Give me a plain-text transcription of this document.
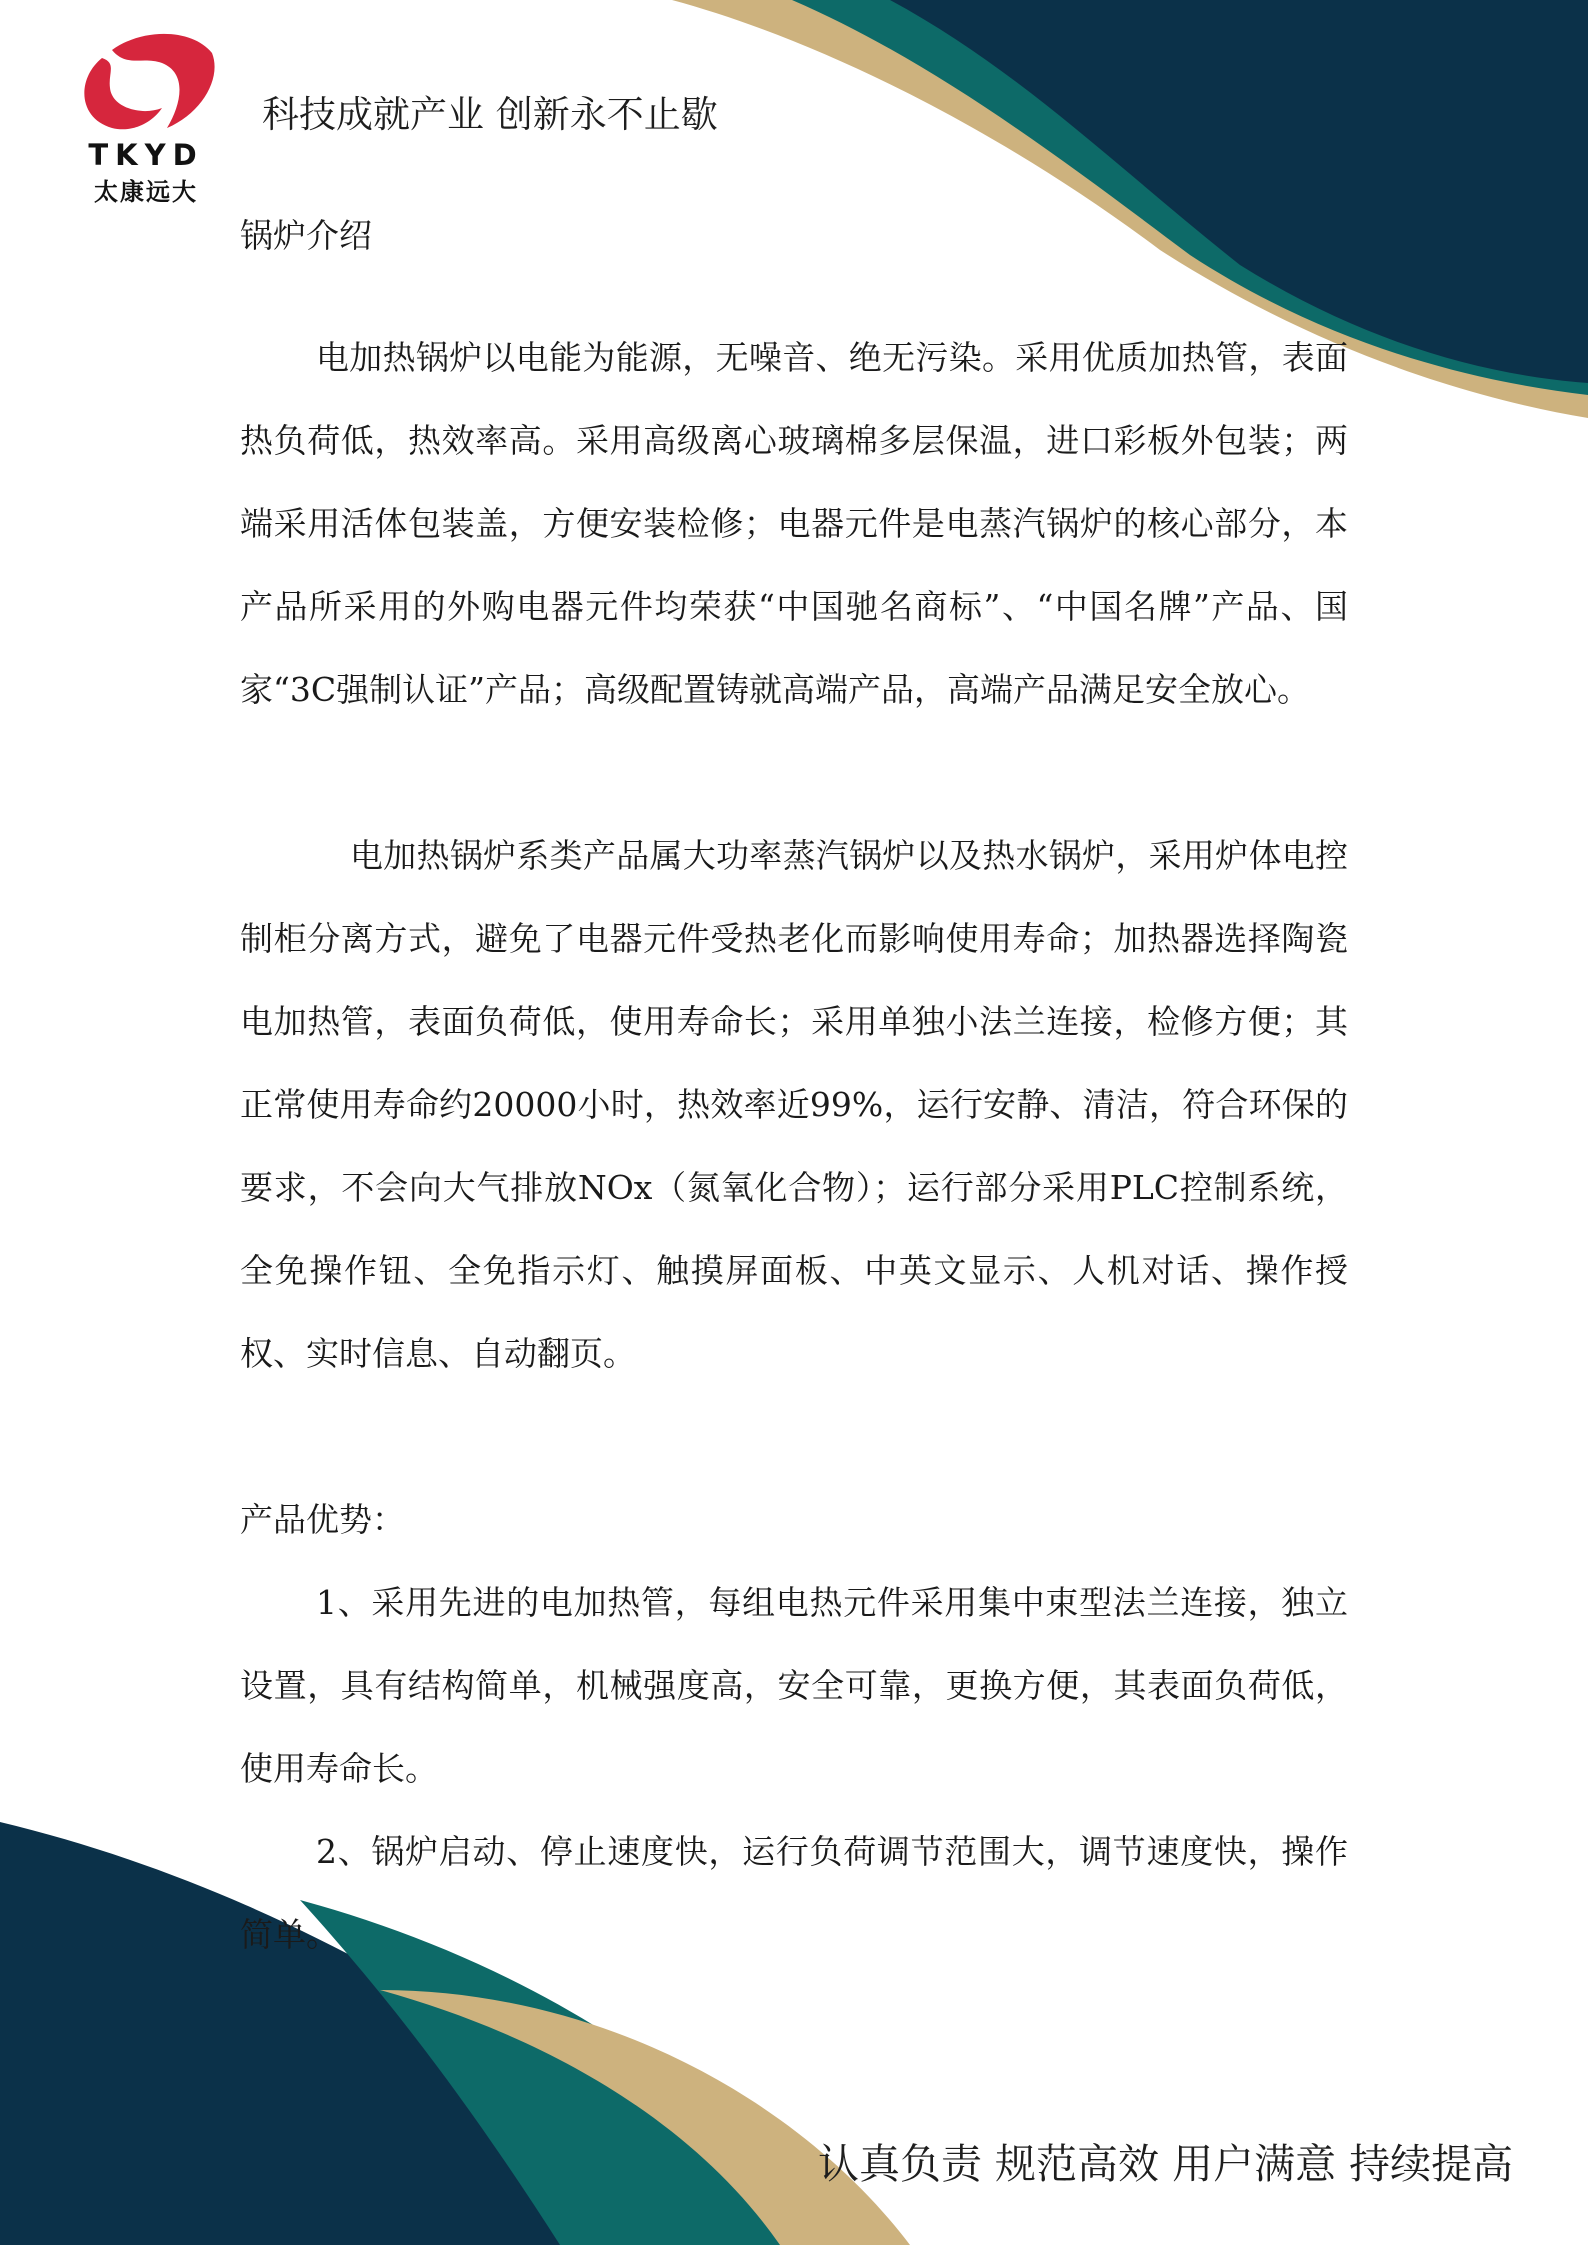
TKYD
太康远大
科技成就产业 创新永不止歇

锅炉介绍

电加热锅炉以电能为能源，无噪音、绝无污染。采用优质加热管，表面热负荷低，热效率高。采用高级离心玻璃棉多层保温，进口彩板外包装；两端采用活体包装盖，方便安装检修；电器元件是电蒸汽锅炉的核心部分，本产品所采用的外购电器元件均荣获“中国驰名商标”、“中国名牌”产品、国家“3C强制认证”产品；高级配置铸就高端产品，高端产品满足安全放心。

电加热锅炉系类产品属大功率蒸汽锅炉以及热水锅炉，采用炉体电控制柜分离方式，避免了电器元件受热老化而影响使用寿命；加热器选择陶瓷电加热管，表面负荷低，使用寿命长；采用单独小法兰连接，检修方便；其正常使用寿命约20000小时，热效率近99%，运行安静、清洁，符合环保的要求，不会向大气排放NOx（氮氧化合物）；运行部分采用PLC控制系统，全免操作钮、全免指示灯、触摸屏面板、中英文显示、人机对话、操作授权、实时信息、自动翻页。

产品优势：

1、采用先进的电加热管，每组电热元件采用集中束型法兰连接，独立设置，具有结构简单，机械强度高，安全可靠，更换方便，其表面负荷低，使用寿命长。

2、锅炉启动、停止速度快，运行负荷调节范围大，调节速度快，操作简单。

认真负责 规范高效 用户满意 持续提高
